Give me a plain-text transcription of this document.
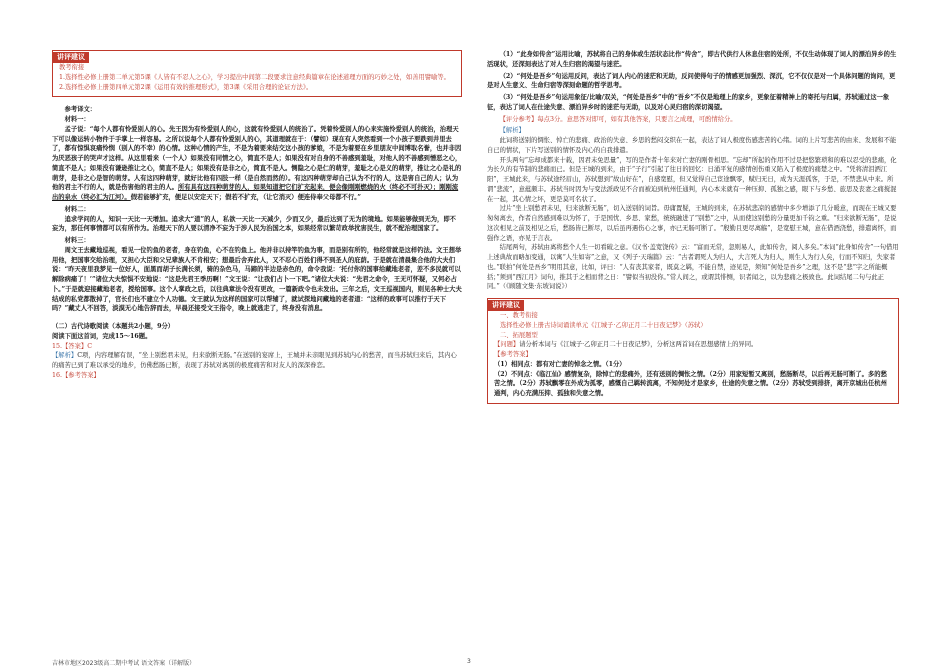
讲评建议

教考衔接

1.选择性必修上册第二单元第5课《人皆有不忍人之心》，学习提出中间第二段要求注意经典篇章在论述道理方面的巧妙之处，如善用譬喻等。

2.选择性必修上册第四单元第2课《运用有效的推理形式》，第3课《采用合理的论证方法》。

参考译文：

材料一：

孟子说：“每个人都有怜爱别人的心。先王因为有怜爱别人的心，这就有怜爱别人的统治了。凭着怜爱别人的心来实施怜爱别人的统治，治理天下可以像运转小物件于手掌上一样容易。之所以说每个人都有怜爱别人的心，其道理就在于：（譬如）现在有人突然看到一个小孩子要跌到井里去了，都有惊惧哀痛怜悯（别人的不幸）的心情。这种心情的产生，不是为着要来结交这小孩的爹娘，不是为着要在乡里朋友中间博取名誉，也并非因为厌恶孩子的哭声才这样。从这里看来（一个人）如果没有同情之心，简直不是人；如果没有对自身的不善感到羞耻，对他人的不善感到憎恶之心，简直不是人；如果没有谦逊推让之心，简直不是人；如果没有是非之心，简直不是人。恻隐之心是仁的萌芽，羞耻之心是义的萌芽，推让之心是礼的萌芽，是非之心是智的萌芽。人有这四种萌芽，就好比他有四肢一样（是自然而然的）。有这四种萌芽却自己认为不行的人，这是害自己的人；认为他的君主不行的人，就是伤害他的君主的人。所有具有这四种萌芽的人，如果知道把它们扩充起来，便会像刚刚燃烧的火（终必不可扑灭）；刚刚流出的泉水（终必汇为江河）。假若能够扩充，便足以安定天下；假若不扩充，（让它消灭）便连侍奉父母都不行。”

材料二：

追求学问的人，知识一天比一天增加。追求大“道”的人，私欲一天比一天减少，少而又少，最后达到了无为的境地。如果能够做到无为，即不妄为，那任何事情都可以有所作为。治理天下的人要以清净不妄为于涉人民为治国之本，如果经常以繁苛政举扰害民生，就不配治理国家了。

材料三：

周文王去藏地巡视，看见一位钓鱼的老者，身在钓鱼，心不在钓鱼上。他并非以持竿钓鱼为事，而是别有所钓，他经常就是这样钓法。文王想举用他，把国事交给治理，又担心大臣和父兄辈族人不肯相安；想最后舍弃此人，又不忍心百姓们得不到圣人的庇荫。于是就在清晨集合他的大夫们说：“昨天夜里我梦见一位好人，面黑而胡子长满长须，骑的杂色马，马蹄的半边是赤色的，命令我说：‘托付你的国事给藏地老者，差不多民就可以解除病痛了！’”诸位大夫惊惧不安地说：“这是先君王季历啊！”文王说：“让我们占卜一下吧。”诸位大夫说：“先君之命令，王无可怀疑，又何必占卜。”于是就迎接藏地老者，授给国事。这个人掌政之后，以往典章法令没有更改，一篇新政令也未发出。三年之后，文王巡视国内，则见各种士大夫结成的私党都散掉了，官长们也不建立个人功德。文王就认为这样的国家可以帮辅了，就试探地问藏地的老者道：“这样的政事可以推行于天下吗？”藏丈人不回答，淡漠无心地告辞而去，早晨还接受文王指令，晚上就逃走了，终身没有消息。

（二）古代诗歌阅读（本题共2小题，9分）

阅读下面这首词，完成15～16题。

15.【答案】C

【解析】C项，内容理解有误，“坐上别愁君未见，归来欲断无肠。”在送别的宴席上，王城并未亲眼见到苏轼内心的愁苦，而当苏轼归来后，其内心的痛苦已到了难以承受的地步，仿佛愁肠已断，表现了苏轼对离别的极度痛苦和对友人的深深眷恋。

16.【参考答案】

（1）“此身如传舍”运用比喻，苏轼将自己的身体或生活状态比作“传舍”，即古代供行人休息住宿的处所，不仅生动体现了词人的漂泊异乡的生活现状，还深刻表达了对人生归宿的渴望与迷茫。

（2）“何处是吾乡”句运用反问，表达了词人内心的迷茫和无助，反问使得句子的情感更加强烈、深沉，它不仅仅是对一个具体问题的询问，更是对人生意义、生命归宿等深刻命题的哲学思考。

（3）“何处是吾乡”句运用象征/比喻/双关，“何处是吾乡”中的“吾乡”不仅是地理上的家乡，更象征着精神上的寄托与归属，苏轼通过这一象征，表达了词人在仕途失意、漂泊异乡时的迷茫与无助，以及对心灵归宿的深切渴望。

【评分参考】每点3分。意思答对即可，如有其他答案，只要言之成理，可酌情给分。

【解析】

此词将送别的惆怅、悼亡的悲痛、政治的失意、乡思的愁闷交织在一起，表达了词人极度伤感悲苦的心绪。词的上片写悲苦的由来、发展和不能自已的情状，下片写送别的情怀及内心的自我排遣。

开头两句“忘却成都来十载，因君未免思量”，写的是作者十年来对亡妻的刚骨相思。“忘却”所起的作用不过是把悠繁琐和的难以忍受的悲痛，化为长久的有节制的悲痛而已。但是王城的到来，由于“子行”引起了往日的回忆：日涌平复的感情创伤重又陷入了极度的痛楚之中。“凭将清泪洒江阳”，王城此来，与苏轼途经眉山，苏轼想到“故山好在”，自感宽慰，但又觉得自己宦途飘零，赋归无日，成为天涯孤客，于是，不禁悲从中来。所谓“悲流”，意蕴颇丰。苏轼当时因为与变法派政见不合而被迫到杭州任通判，内心本来就有一种压抑、孤独之感，眼下与乡愁、旅思及丧妻之痛搅混在一起，其心情之坏，更是莫可名状了。

过片“坐上别愁君未见，归来欲断无肠”，切入送别的词旨。毋庸置疑，王城的到来，在苏轼悲凉的感情中多少增添了几分暖意，而现在王城又要匆匆离去，作者自然感到难以为怀了，于是国忧、乡思、家愁，统统融进了“别愁”之中，从而使这别愁的分量更加千钧之重。“归来欲断无肠”，是说这次相见之前及相见之后，愁肠皆已断尽，以后虽再遇伤心之事，亦已无肠可断了。“殷勤且更尽离觞”，是宽慰王城，意在借酒浇愁，排遣离怀，而强作之语，亦见于言表。

结尾两句，苏轼由离将愁个人生一切看破之意。《汉书·盖宽饶传》云：“富而无常，忽则易人，此如传舍，阅人多矣。”本词“此身如传舍”一句借用上述典故而略加变通，以寓“人生如寄”之意，又《列子·天瑞篇》云：“古者谓死人为归人，大言死人为归人，则生人为行人矣，行而不知归，失家者也。”联拍“何处是吾乡”明用其意，比如，评曰：“人有丧其家者，既莫之羁，不能自禁，迹见是，须知“何处是吾乡”之理，这不是“悲”字之所能概括；”须到“西江月》词句，推其于之相而背之日：“譬似当初没你。”常人间之，或谓其悱恻，识者闻之，以为悲痛之极致也。此词结尾二句与此正同。”（《顾随文集·东坡词说》）

讲评建议

一、教考衔接

选择性必修上册古诗词诵读单元《江城子·乙卯正月二十日夜记梦》（苏轼）

二、拓展题型

【问题】请分析本词与《江城子·乙卯正月二十日夜记梦》，分析这两首词在思想感情上的异同。

【参考答案】

（1）相同点：都有对亡妻的悼念之情。（1分）

（2）不同点：《临江仙》感情复杂，除悼亡的悲痛外，还有送别的惆怅之情。（2分）用家短暂又离别，愁肠断尽，以后再无肠可断了。多的愁苦之情。（2分）苏轼飘零在外成为孤零，感慨自己羁转流离，不知何处才是家乡，仕途的失意之情。（2分）苏轼受到排挤，离开京城出任杭州通判，内心充满压抑、孤独和失意之情。

吉林市地区2023级高二期中考试 语文答案（详解版）	3
